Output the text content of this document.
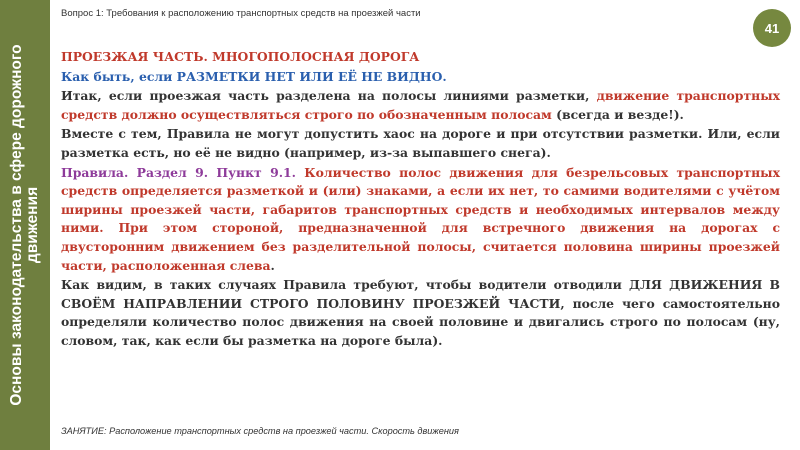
Основы законодательства в сфере дорожного движения
Вопрос 1: Требования к расположению транспортных средств на проезжей части
41

ПРОЕЗЖАЯ ЧАСТЬ. МНОГОПОЛОСНАЯ ДОРОГА

Как быть, если РАЗМЕТКИ НЕТ ИЛИ ЕЁ НЕ ВИДНО.

Итак, если проезжая часть разделена на полосы линиями разметки, движение транспортных средств должно осуществляться строго по обозначенным полосам (всегда и везде!).

Вместе с тем, Правила не могут допустить хаос на дороге и при отсутствии разметки. Или, если разметка есть, но её не видно (например, из-за выпавшего снега).

Правила. Раздел 9. Пункт 9.1. Количество полос движения для безрельсовых транспортных средств определяется разметкой и (или) знаками, а если их нет, то самими водителями с учётом ширины проезжей части, габаритов транспортных средств и необходимых интервалов между ними. При этом стороной, предназначенной для встречного движения на дорогах с двусторонним движением без разделительной полосы, считается половина ширины проезжей части, расположенная слева.

Как видим, в таких случаях Правила требуют, чтобы водители отводили ДЛЯ ДВИЖЕНИЯ В СВОЁМ НАПРАВЛЕНИИ СТРОГО ПОЛОВИНУ ПРОЕЗЖЕЙ ЧАСТИ, после чего самостоятельно определяли количество полос движения на своей половине и двигались строго по полосам (ну, словом, так, как если бы разметка на дороге была).

ЗАНЯТИЕ: Расположение транспортных средств на проезжей части. Скорость движения
